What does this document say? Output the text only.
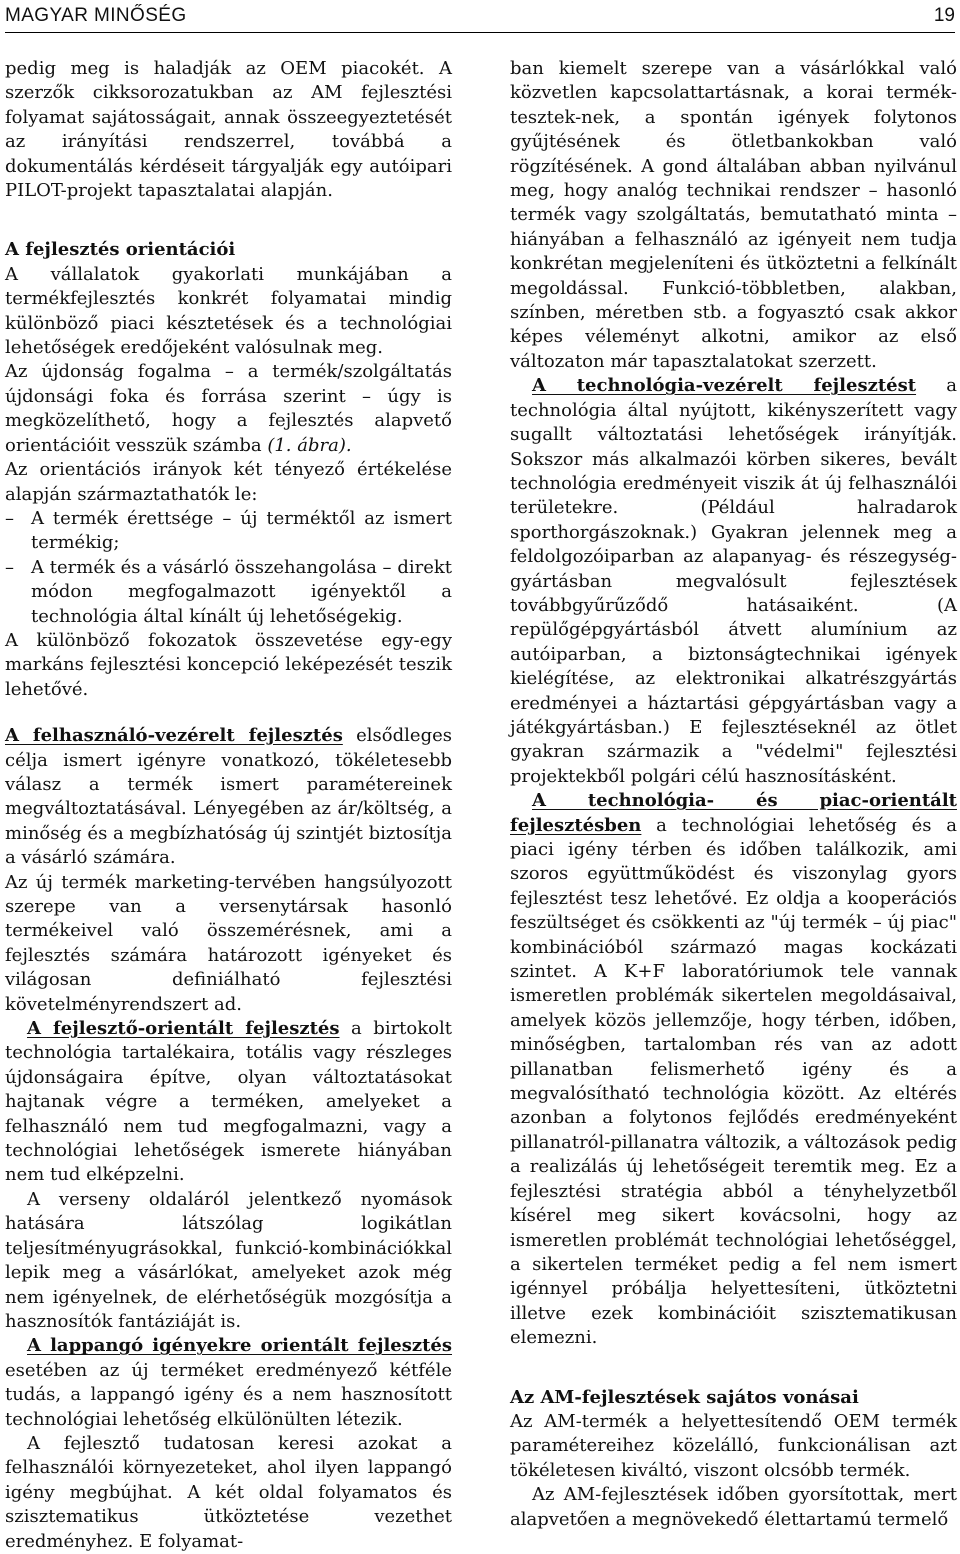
MAGYAR MINŐSÉG	19

pedig meg is haladják az OEM piacokét. A szerzők cikksorozatukban az AM fejlesztési folyamat sajátosságait, annak összeegyeztetését az irányítási rendszerrel, továbbá a dokumentálás kérdéseit tárgyalják egy autóipari PILOT-projekt tapasztalatai alapján.

A fejlesztés orientációi

A vállalatok gyakorlati munkájában a termékfejlesztés konkrét folyamatai mindig különböző piaci késztetések és a technológiai lehetőségek eredőjeként valósulnak meg.

Az újdonság fogalma – a termék/szolgáltatás újdonsági foka és forrása szerint – úgy is megközelíthető, hogy a fejlesztés alapvető orientációit vesszük számba (1. ábra).

Az orientációs irányok két tényező értékelése alapján származtathatók le:

– A termék érettsége – új terméktől az ismert termékig;
– A termék és a vásárló összehangolása – direkt módon megfogalmazott igényektől a technológia által kínált új lehetőségekig.

A különböző fokozatok összevetése egy-egy markáns fejlesztési koncepció leképezését teszik lehetővé.

A felhasználó-vezérelt fejlesztés elsődleges célja ismert igényre vonatkozó, tökéletesebb válasz a termék ismert paramétereinek megváltoztatásával. Lényegében az ár/költség, a minőség és a megbízhatóság új szintjét biztosítja a vásárló számára.

Az új termék marketing-tervében hangsúlyozott szerepe van a versenytársak hasonló termékeivel való összemérésnek, ami a fejlesztés számára határozott igényeket és világosan definiálható fejlesztési követelményrendszert ad.

A fejlesztő-orientált fejlesztés a birtokolt technológia tartalékaira, totális vagy részleges újdonságaira építve, olyan változtatásokat hajtanak végre a terméken, amelyeket a felhasználó nem tud megfogalmazni, vagy a technológiai lehetőségek ismerete hiányában nem tud elképzelni.

A verseny oldaláról jelentkező nyomások hatására látszólag logikátlan teljesítményugrásokkal, funkció-kombinációkkal lepik meg a vásárlókat, amelyeket azok még nem igényelnek, de elérhetőségük mozgósítja a hasznosítók fantáziáját is.

A lappangó igényekre orientált fejlesztés esetében az új terméket eredményező kétféle tudás, a lappangó igény és a nem hasznosított technológiai lehetőség elkülönülten létezik.

A fejlesztő tudatosan keresi azokat a felhasználói környezeteket, ahol ilyen lappangó igény megbújhat. A két oldal folyamatos és szisztematikus ütköztetése vezethet eredményhez. E folyamat-

ban kiemelt szerepe van a vásárlókkal való közvetlen kapcsolattartásnak, a korai termék-tesztek-nek, a spontán igények folytonos gyűjtésének és ötletbankokban való rögzítésének. A gond általában abban nyilvánul meg, hogy analóg technikai rendszer – hasonló termék vagy szolgáltatás, bemutatható minta – hiányában a felhasználó az igényeit nem tudja konkrétan megjeleníteni és ütköztetni a felkínált megoldással. Funkció-többletben, alakban, színben, méretben stb. a fogyasztó csak akkor képes véleményt alkotni, amikor az első változaton már tapasztalatokat szerzett.

A technológia-vezérelt fejlesztést a technológia által nyújtott, kikényszerített vagy sugallt változtatási lehetőségek irányítják. Sokszor más alkalmazói körben sikeres, bevált technológia eredményeit viszik át új felhasználói területekre. (Például halradarok sporthorgászoknak.) Gyakran jelennek meg a feldolgozóiparban az alapanyag- és részegység-gyártásban megvalósult fejlesztések továbbgyűrűződő hatásaiként. (A repülőgépgyártásból átvett alumínium az autóiparban, a biztonságtechnikai igények kielégítése, az elektronikai alkatrészgyártás eredményei a háztartási gépgyártásban vagy a játékgyártásban.) E fejlesztéseknél az ötlet gyakran származik a "védelmi" fejlesztési projektekből polgári célú hasznosításként.

A technológia- és piac-orientált fejlesztésben a technológiai lehetőség és a piaci igény térben és időben találkozik, ami szoros együttműködést és viszonylag gyors fejlesztést tesz lehetővé. Ez oldja a kooperációs feszültséget és csökkenti az "új termék – új piac" kombinációból származó magas kockázati szintet. A K+F laboratóriumok tele vannak ismeretlen problémák sikertelen megoldásaival, amelyek közös jellemzője, hogy térben, időben, minőségben, tartalomban rés van az adott pillanatban felismerhető igény és a megvalósítható technológia között. Az eltérés azonban a folytonos fejlődés eredményeként pillanatról-pillanatra változik, a változások pedig a realizálás új lehetőségeit teremtik meg. Ez a fejlesztési stratégia abból a tényhelyzetből kísérel meg sikert kovácsolni, hogy az ismeretlen problémát technológiai lehetőséggel, a sikertelen terméket pedig a fel nem ismert igénnyel próbálja helyettesíteni, ütköztetni illetve ezek kombinációit szisztematikusan elemezni.

Az AM-fejlesztések sajátos vonásai

Az AM-termék a helyettesítendő OEM termék paramétereihez közelálló, funkcionálisan azt tökéletesen kiváltó, viszont olcsóbb termék.

Az AM-fejlesztések időben gyorsítottak, mert alapvetően a megnövekedő élettartamú termelő
